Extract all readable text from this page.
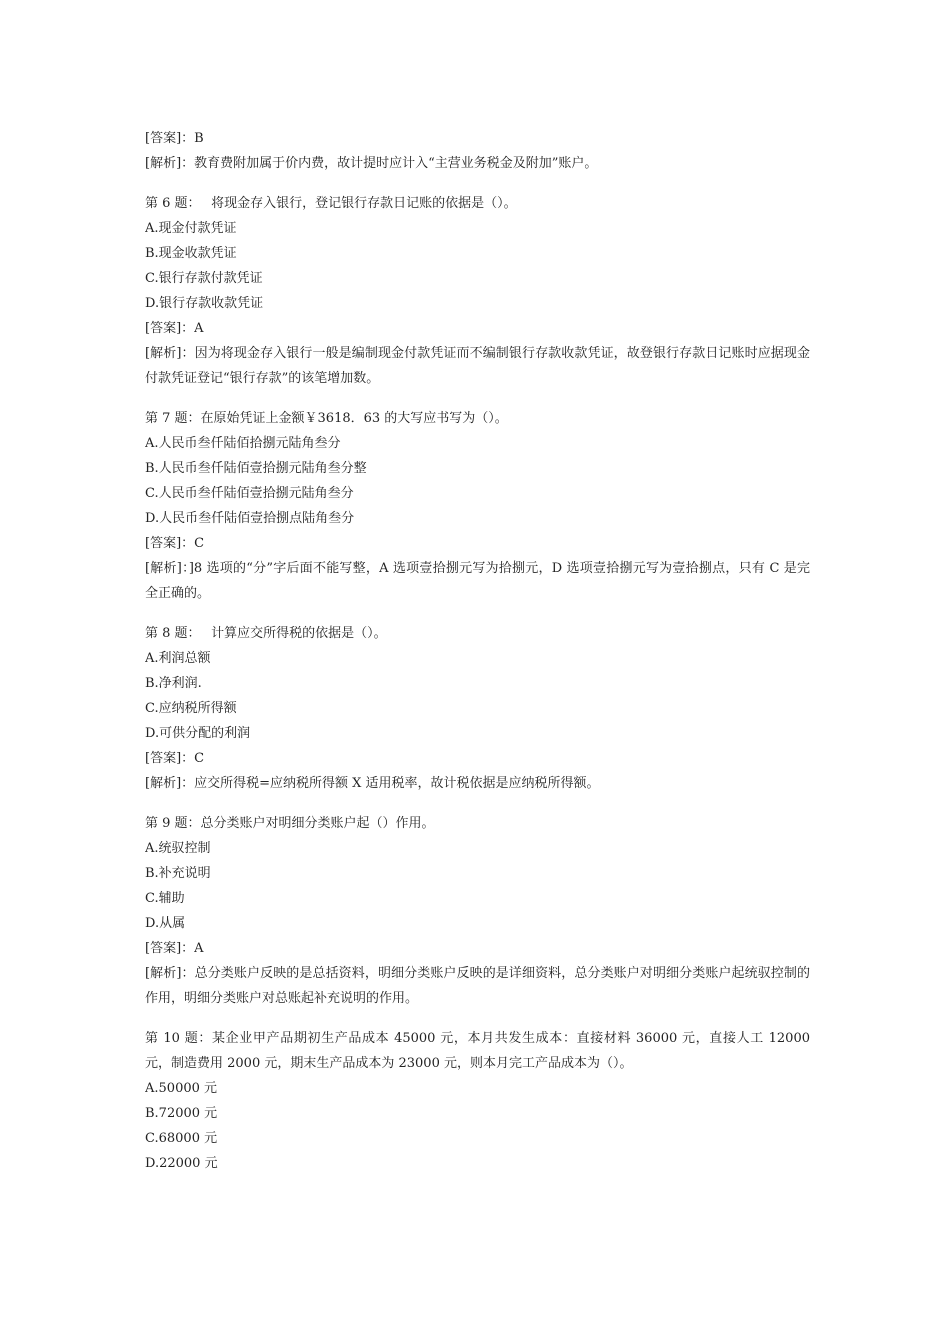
[答案]：B
[解析]：教育费附加属于价内费，故计提时应计入“主营业务税金及附加”账户。
第 6 题：　 将现金存入银行，登记银行存款日记账的依据是（）。
A.现金付款凭证
B.现金收款凭证
C.银行存款付款凭证
D.银行存款收款凭证
[答案]：A
[解析]：因为将现金存入银行一般是编制现金付款凭证而不编制银行存款收款凭证，故登银行存款日记账时应据现金付款凭证登记“银行存款”的该笔增加数。
第 7 题：在原始凭证上金额￥3618．63 的大写应书写为（）。
A.人民币叁仟陆佰拾捌元陆角叁分
B.人民币叁仟陆佰壹拾捌元陆角叁分整
C.人民币叁仟陆佰壹拾捌元陆角叁分
D.人民币叁仟陆佰壹拾捌点陆角叁分
[答案]：C
[解析]：]8 选项的“分”字后面不能写整，A 选项壹拾捌元写为拾捌元，D 选项壹拾捌元写为壹拾捌点，只有 C 是完全正确的。
第 8 题：　 计算应交所得税的依据是（）。
A.利润总额
B.净利润.
C.应纳税所得额
D.可供分配的利润
[答案]：C
[解析]：应交所得税=应纳税所得额 X 适用税率，故计税依据是应纳税所得额。
第 9 题：总分类账户对明细分类账户起（）作用。
A.统驭控制
B.补充说明
C.辅助
D.从属
[答案]：A
[解析]：总分类账户反映的是总括资料，明细分类账户反映的是详细资料，总分类账户对明细分类账户起统驭控制的作用，明细分类账户对总账起补充说明的作用。
第 10 题：某企业甲产品期初生产品成本 45000 元，本月共发生成本：直接材料 36000 元，直接人工 12000 元，制造费用 2000 元，期末生产品成本为 23000 元，则本月完工产品成本为（）。
A.50000 元
B.72000 元
C.68000 元
D.22000 元
